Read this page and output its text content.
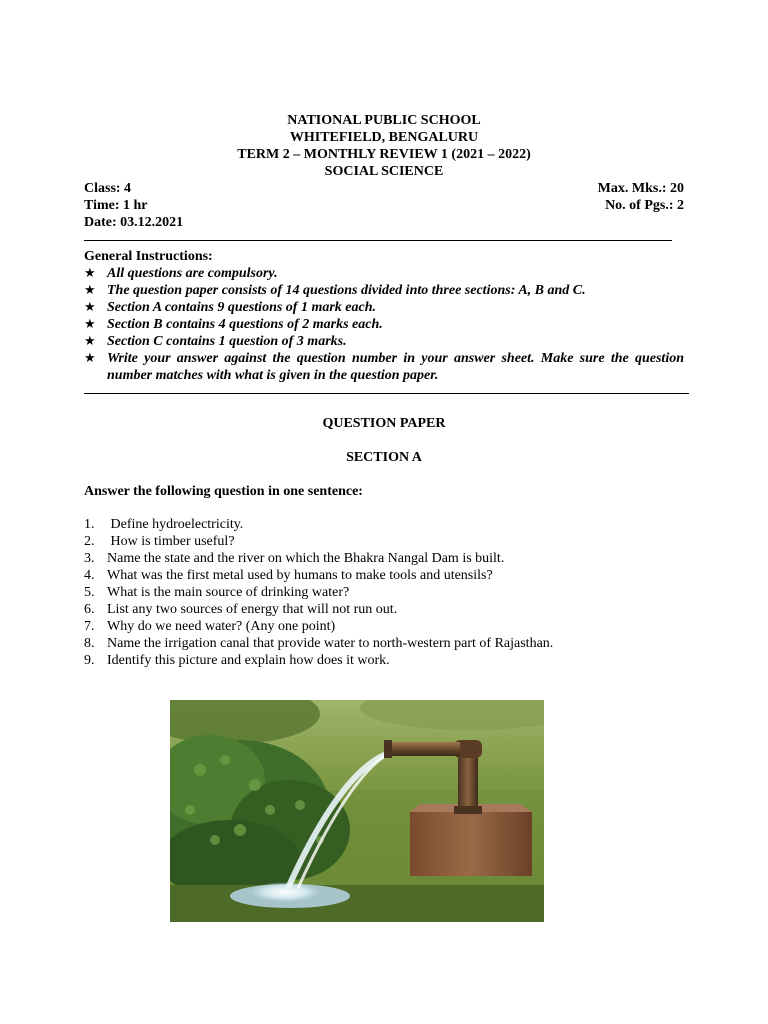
NATIONAL PUBLIC SCHOOL
WHITEFIELD, BENGALURU
TERM 2 – MONTHLY REVIEW 1 (2021 – 2022)
SOCIAL SCIENCE
Class: 4	Max. Mks.: 20
Time: 1 hr	No. of Pgs.: 2
Date: 03.12.2021
General Instructions:
★ All questions are compulsory.
★ The question paper consists of 14 questions divided into three sections: A, B and C.
★ Section A contains 9 questions of 1 mark each.
★ Section B contains 4 questions of 2 marks each.
★ Section C contains 1 question of 3 marks.
★ Write your answer against the question number in your answer sheet. Make sure the question number matches with what is given in the question paper.
QUESTION PAPER
SECTION A
Answer the following question in one sentence:
1. Define hydroelectricity.
2. How is timber useful?
3. Name the state and the river on which the Bhakra Nangal Dam is built.
4. What was the first metal used by humans to make tools and utensils?
5. What is the main source of drinking water?
6. List any two sources of energy that will not run out.
7. Why do we need water? (Any one point)
8. Name the irrigation canal that provide water to north-western part of Rajasthan.
9. Identify this picture and explain how does it work.
